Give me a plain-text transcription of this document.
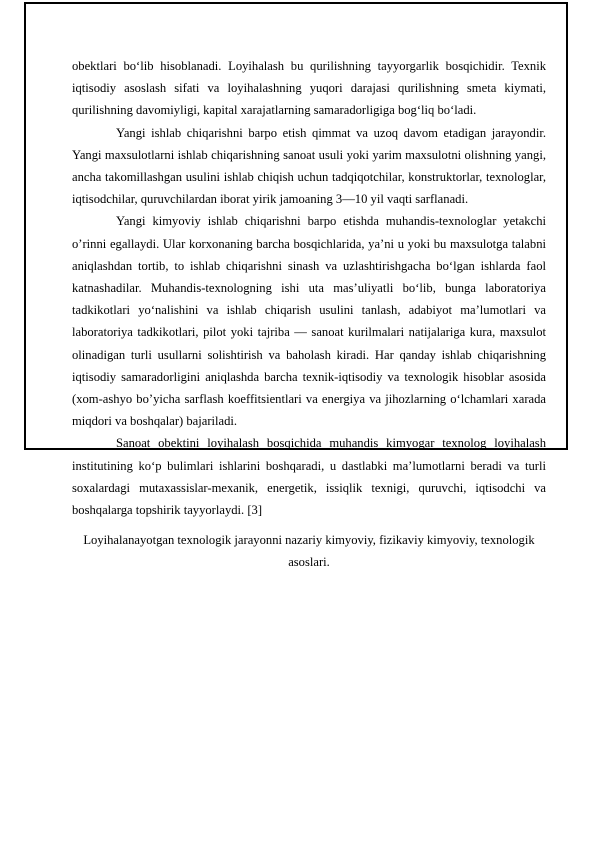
obektlari bo‘lib hisoblanadi. Loyihalash bu qurilishning tayyorgarlik bosqichidir. Texnik iqtisodiy asoslash sifati va loyihalashning yuqori darajasi qurilishning smeta kiymati, qurilishning davomiyligi, kapital xarajatlarning samaradorligiga bog‘liq bo‘ladi.

Yangi ishlab chiqarishni barpo etish qimmat va uzoq davom etadigan jarayondir. Yangi maxsulotlarni ishlab chiqarishning sanoat usuli yoki yarim maxsulotni olishning yangi, ancha takomillashgan usulini ishlab chiqish uchun tadqiqotchilar, konstruktorlar, texnologlar, iqtisodchilar, quruvchilardan iborat yirik jamoaning 3—10 yil vaqti sarflanadi.

Yangi kimyoviy ishlab chiqarishni barpo etishda muhandis-texnologlar yetakchi o’rinni egallaydi. Ular korxonaning barcha bosqichlarida, ya’ni u yoki bu maxsulotga talabni aniqlashdan tortib, to ishlab chiqarishni sinash va uzlashtirishgacha bo‘lgan ishlarda faol katnashadilar. Muhandis-texnologning ishi uta mas’uliyatli bo‘lib, bunga laboratoriya tadkikotlari yo‘nalishini va ishlab chiqarish usulini tanlash, adabiyot ma’lumotlari va laboratoriya tadkikotlari, pilot yoki tajriba — sanoat kurilmalari natijalariga kura, maxsulot olinadigan turli usullarni solishtirish va baholash kiradi. Har qanday ishlab chiqarishning iqtisodiy samaradorligini aniqlashda barcha texnik-iqtisodiy va texnologik hisoblar asosida (xom-ashyo bo’yicha sarflash koeffitsientlari va energiya va jihozlarning o‘lchamlari xarada miqdori va boshqalar) bajariladi.

Sanoat obektini loyihalash bosqichida muhandis kimyogar texnolog loyihalash institutining ko‘p bulimlari ishlarini boshqaradi, u dastlabki ma’lumotlarni beradi va turli soxalardagi mutaxassislar-mexanik, energetik, issiqlik texnigi, quruvchi, iqtisodchi va boshqalarga topshirik tayyorlaydi. [3]

Loyihalanayotgan texnologik jarayonni nazariy kimyoviy, fizikaviy kimyoviy, texnologik asoslari.
